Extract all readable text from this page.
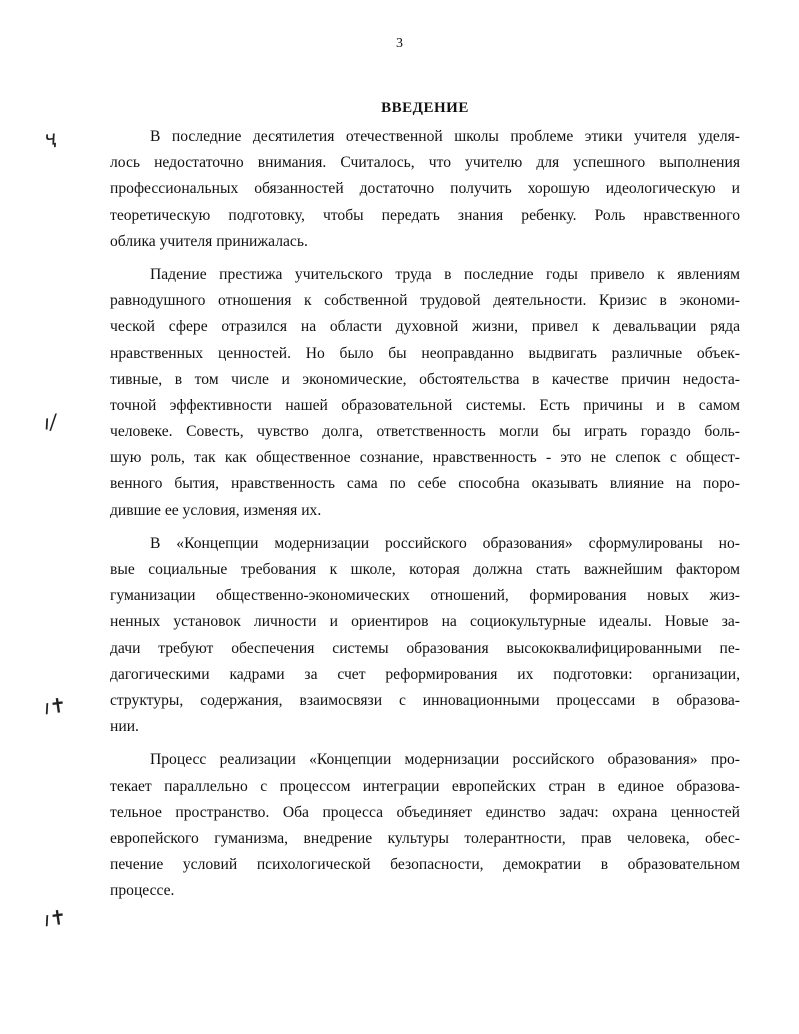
3
ВВЕДЕНИЕ
ҷ
ı/
ı✝
ı✝
В последние десятилетия отечественной школы проблеме этики учителя уделя-
лось недостаточно внимания. Считалось, что учителю для успешного выполнения
профессиональных обязанностей достаточно получить хорошую идеологическую и
теоретическую подготовку, чтобы передать знания ребенку. Роль нравственного
облика учителя принижалась.
Падение престижа учительского труда в последние годы привело к явлениям
равнодушного отношения к собственной трудовой деятельности. Кризис в экономи-
ческой сфере отразился на области духовной жизни, привел к девальвации ряда
нравственных ценностей. Но было бы неоправданно выдвигать различные объек-
тивные, в том числе и экономические, обстоятельства в качестве причин недоста-
точной эффективности нашей образовательной системы. Есть причины и в самом
человеке. Совесть, чувство долга, ответственность могли бы играть гораздо боль-
шую роль, так как общественное сознание, нравственность - это не слепок с общест-
венного бытия, нравственность сама по себе способна оказывать влияние на поро-
дившие ее условия, изменяя их.
В «Концепции модернизации российского образования» сформулированы но-
вые социальные требования к школе, которая должна стать важнейшим фактором
гуманизации общественно-экономических отношений, формирования новых жиз-
ненных установок личности и ориентиров на социокультурные идеалы. Новые за-
дачи требуют обеспечения системы образования высококвалифицированными пе-
дагогическими кадрами за счет реформирования их подготовки: организации,
структуры, содержания, взаимосвязи с инновационными процессами в образова-
нии.
Процесс реализации «Концепции модернизации российского образования» про-
текает параллельно с процессом интеграции европейских стран в единое образова-
тельное пространство. Оба процесса объединяет единство задач: охрана ценностей
европейского гуманизма, внедрение культуры толерантности, прав человека, обес-
печение условий психологической безопасности, демократии в образовательном
процессе.
